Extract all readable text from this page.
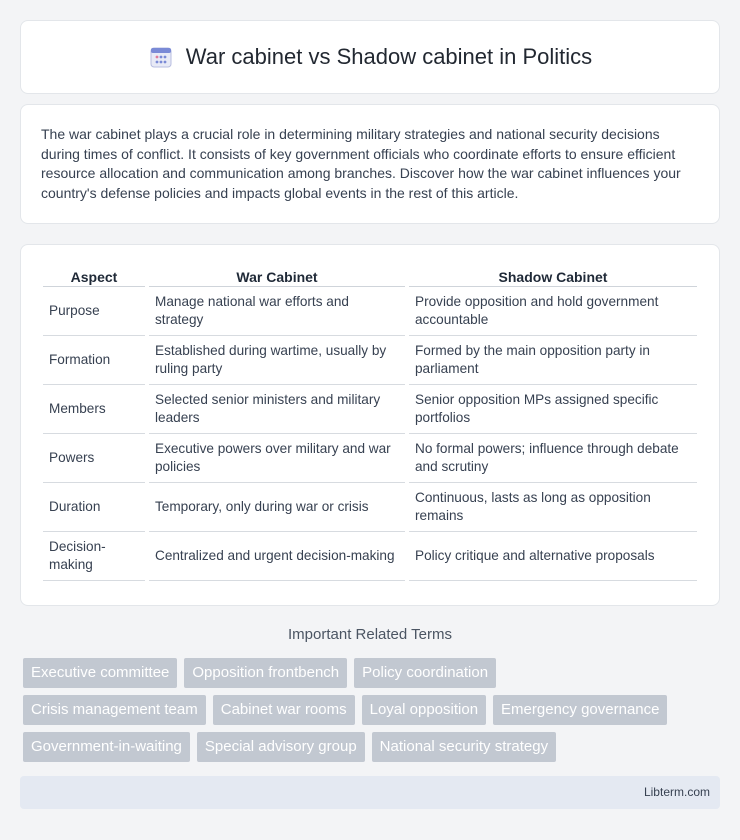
War cabinet vs Shadow cabinet in Politics

The war cabinet plays a crucial role in determining military strategies and national security decisions during times of conflict. It consists of key government officials who coordinate efforts to ensure efficient resource allocation and communication among branches. Discover how the war cabinet influences your country's defense policies and impacts global events in the rest of this article.

Aspect	War Cabinet	Shadow Cabinet
Purpose	Manage national war efforts and strategy	Provide opposition and hold government accountable
Formation	Established during wartime, usually by ruling party	Formed by the main opposition party in parliament
Members	Selected senior ministers and military leaders	Senior opposition MPs assigned specific portfolios
Powers	Executive powers over military and war policies	No formal powers; influence through debate and scrutiny
Duration	Temporary, only during war or crisis	Continuous, lasts as long as opposition remains
Decision-making	Centralized and urgent decision-making	Policy critique and alternative proposals
Important Related Terms
Executive committee	Opposition frontbench	Policy coordination
Crisis management team	Cabinet war rooms	Loyal opposition	Emergency governance
Government-in-waiting	Special advisory group	National security strategy
Libterm.com
